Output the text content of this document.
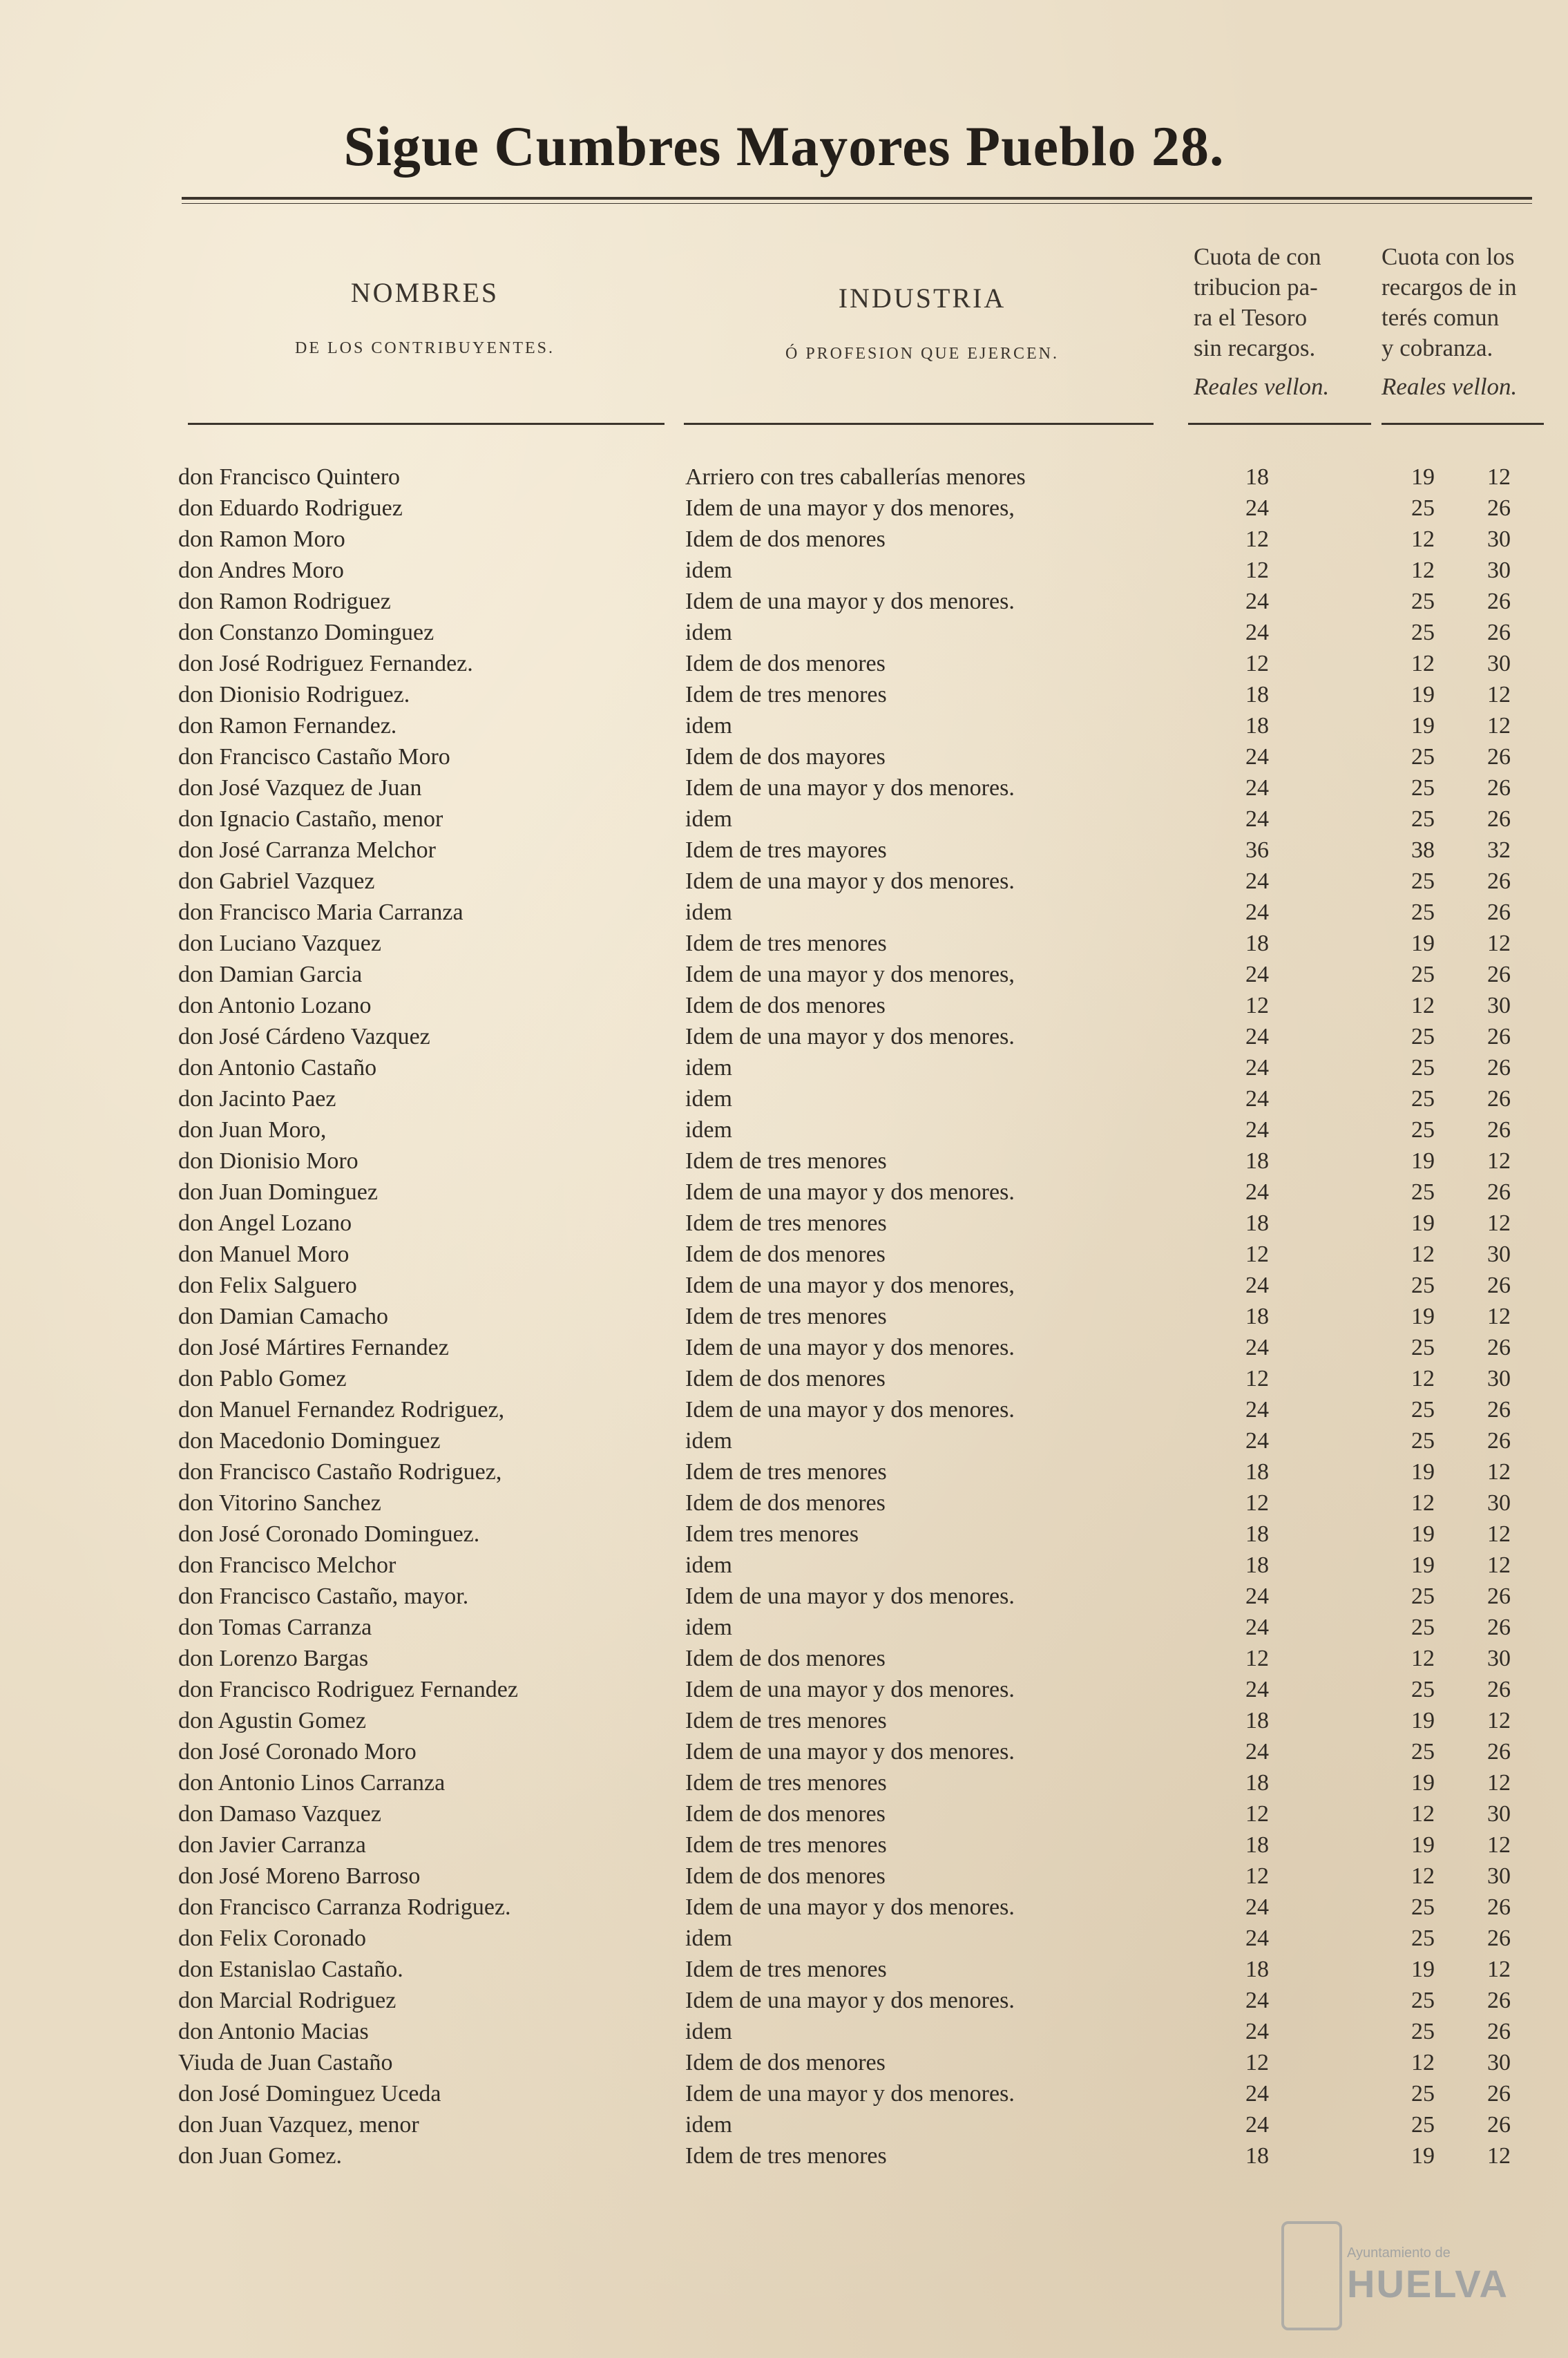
Sigue Cumbres Mayores Pueblo 28.
NOMBRES
DE LOS CONTRIBUYENTES.
INDUSTRIA
Ó PROFESION QUE EJERCEN.
Cuota de con
tribucion pa-
ra el Tesoro
sin recargos.
Reales vellon.
Cuota con los
recargos de in
terés comun
y cobranza.
Reales vellon.
don Francisco Quintero	Arriero con tres caballerías menores	18	19	12
don Eduardo Rodriguez	Idem de una mayor y dos menores,	24	25	26
don Ramon Moro	Idem de dos menores	12	12	30
don Andres Moro	idem	12	12	30
don Ramon Rodriguez	Idem de una mayor y dos menores.	24	25	26
don Constanzo Dominguez	idem	24	25	26
don José Rodriguez Fernandez.	Idem de dos menores	12	12	30
don Dionisio Rodriguez.	Idem de tres menores	18	19	12
don Ramon Fernandez.	idem	18	19	12
don Francisco Castaño Moro	Idem de dos mayores	24	25	26
don José Vazquez de Juan	Idem de una mayor y dos menores.	24	25	26
don Ignacio Castaño, menor	idem	24	25	26
don José Carranza Melchor	Idem de tres mayores	36	38	32
don Gabriel Vazquez	Idem de una mayor y dos menores.	24	25	26
don Francisco Maria Carranza	idem	24	25	26
don Luciano Vazquez	Idem de tres menores	18	19	12
don Damian Garcia	Idem de una mayor y dos menores,	24	25	26
don Antonio Lozano	Idem de dos menores	12	12	30
don José Cárdeno Vazquez	Idem de una mayor y dos menores.	24	25	26
don Antonio Castaño	idem	24	25	26
don Jacinto Paez	idem	24	25	26
don Juan Moro,	idem	24	25	26
don Dionisio Moro	Idem de tres menores	18	19	12
don Juan Dominguez	Idem de una mayor y dos menores.	24	25	26
don Angel Lozano	Idem de tres menores	18	19	12
don Manuel Moro	Idem de dos menores	12	12	30
don Felix Salguero	Idem de una mayor y dos menores,	24	25	26
don Damian Camacho	Idem de tres menores	18	19	12
don José Mártires Fernandez	Idem de una mayor y dos menores.	24	25	26
don Pablo Gomez	Idem de dos menores	12	12	30
don Manuel Fernandez Rodriguez,	Idem de una mayor y dos menores.	24	25	26
don Macedonio Dominguez	idem	24	25	26
don Francisco Castaño Rodriguez,	Idem de tres menores	18	19	12
don Vitorino Sanchez	Idem de dos menores	12	12	30
don José Coronado Dominguez.	Idem tres menores	18	19	12
don Francisco Melchor	idem	18	19	12
don Francisco Castaño, mayor.	Idem de una mayor y dos menores.	24	25	26
don Tomas Carranza	idem	24	25	26
don Lorenzo Bargas	Idem de dos menores	12	12	30
don Francisco Rodriguez Fernandez	Idem de una mayor y dos menores.	24	25	26
don Agustin Gomez	Idem de tres menores	18	19	12
don José Coronado Moro	Idem de una mayor y dos menores.	24	25	26
don Antonio Linos Carranza	Idem de tres menores	18	19	12
don Damaso Vazquez	Idem de dos menores	12	12	30
don Javier Carranza	Idem de tres menores	18	19	12
don José Moreno Barroso	Idem de dos menores	12	12	30
don Francisco Carranza Rodriguez.	Idem de una mayor y dos menores.	24	25	26
don Felix Coronado	idem	24	25	26
don Estanislao Castaño.	Idem de tres menores	18	19	12
don Marcial Rodriguez	Idem de una mayor y dos menores.	24	25	26
don Antonio Macias	idem	24	25	26
Viuda de Juan Castaño	Idem de dos menores	12	12	30
don José Dominguez Uceda	Idem de una mayor y dos menores.	24	25	26
don Juan Vazquez, menor	idem	24	25	26
don Juan Gomez.	Idem de tres menores	18	19	12
Ayuntamiento de
HUELVA
